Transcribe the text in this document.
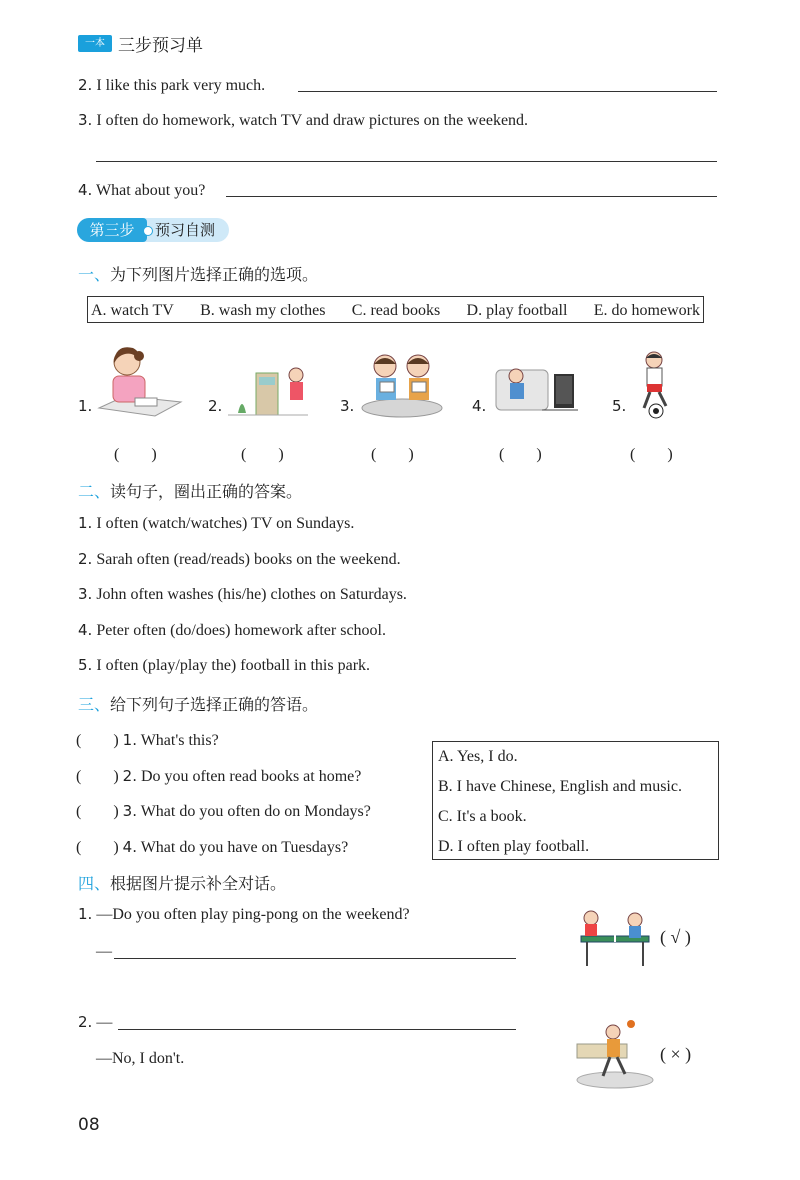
一本 三步预习单
2. I like this park very much.
3. I often do homework, watch TV and draw pictures on the weekend.
4. What about you?
第三步	预习自测
一、为下列图片选择正确的选项。
A. watch TV B. wash my clothes C. read books D. play football E. do homework
1.
(　　)
2.
(　　)
3.
(　　)
4.
(　　)
5.
(　　)
二、读句子，圈出正确的答案。
1. I often (watch/watches) TV on Sundays.
2. Sarah often (read/reads) books on the weekend.
3. John often washes (his/he) clothes on Saturdays.
4. Peter often (do/does) homework after school.
5. I often (play/play the) football in this park.
三、给下列句子选择正确的答语。
(　　) 1. What's this?
(　　) 2. Do you often read books at home?
(　　) 3. What do you often do on Mondays?
(　　) 4. What do you have on Tuesdays?
A. Yes, I do.
B. I have Chinese, English and music.
C. It's a book.
D. I often play football.
四、根据图片提示补全对话。
1. —Do you often play ping-pong on the weekend?
—
( √ )
2. —
—No, I don't.	( × )
08
